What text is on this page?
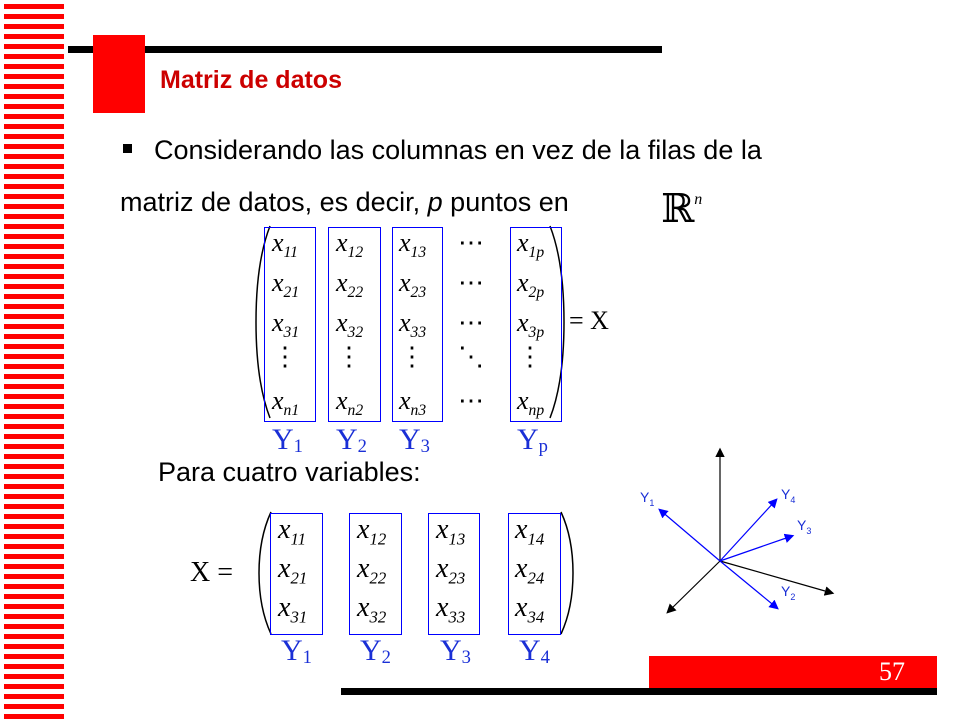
Matriz de datos
Considerando las columnas en vez de la filas de la
matriz de datos, es decir, p puntos en ℝ$^n$
$x_{11}$
$x_{21}$
$x_{31}$
⋮
$x_{n1}$
$x_{12}$
$x_{22}$
$x_{32}$
⋮
$x_{n2}$
$x_{13}$
$x_{23}$
$x_{33}$
⋮
$x_{n3}$
⋯
⋯
⋯
⋱
⋯
$x_{1p}$
$x_{2p}$
$x_{3p}$
⋮
$x_{np}$
= X
$Y_1$ $Y_2$ $Y_3$	$Y_p$
Para cuatro variables:
X =
$x_{11}$
$x_{21}$
$x_{31}$
$x_{12}$
$x_{22}$
$x_{32}$
$x_{13}$
$x_{23}$
$x_{33}$
$x_{14}$
$x_{24}$
$x_{34}$
$Y_1$ $Y_2$ $Y_3$ $Y_4$
$Y_1$
$Y_4$
$Y_3$
$Y_2$
57
